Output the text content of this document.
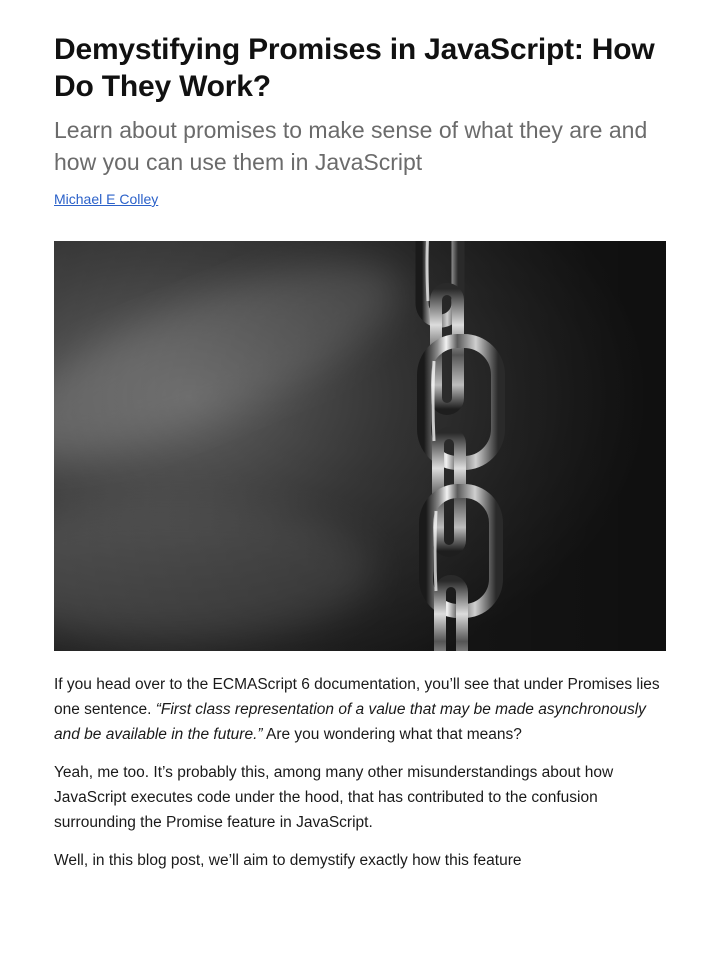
Demystifying Promises in JavaScript: How Do They Work?
Learn about promises to make sense of what they are and how you can use them in JavaScript
Michael E Colley

If you head over to the ECMAScript 6 documentation, you’ll see that under Promises lies one sentence. “First class representation of a value that may be made asynchronously and be available in the future.” Are you wondering what that means?

Yeah, me too. It’s probably this, among many other misunderstandings about how JavaScript executes code under the hood, that has contributed to the confusion surrounding the Promise feature in JavaScript.

Well, in this blog post, we’ll aim to demystify exactly how this feature
